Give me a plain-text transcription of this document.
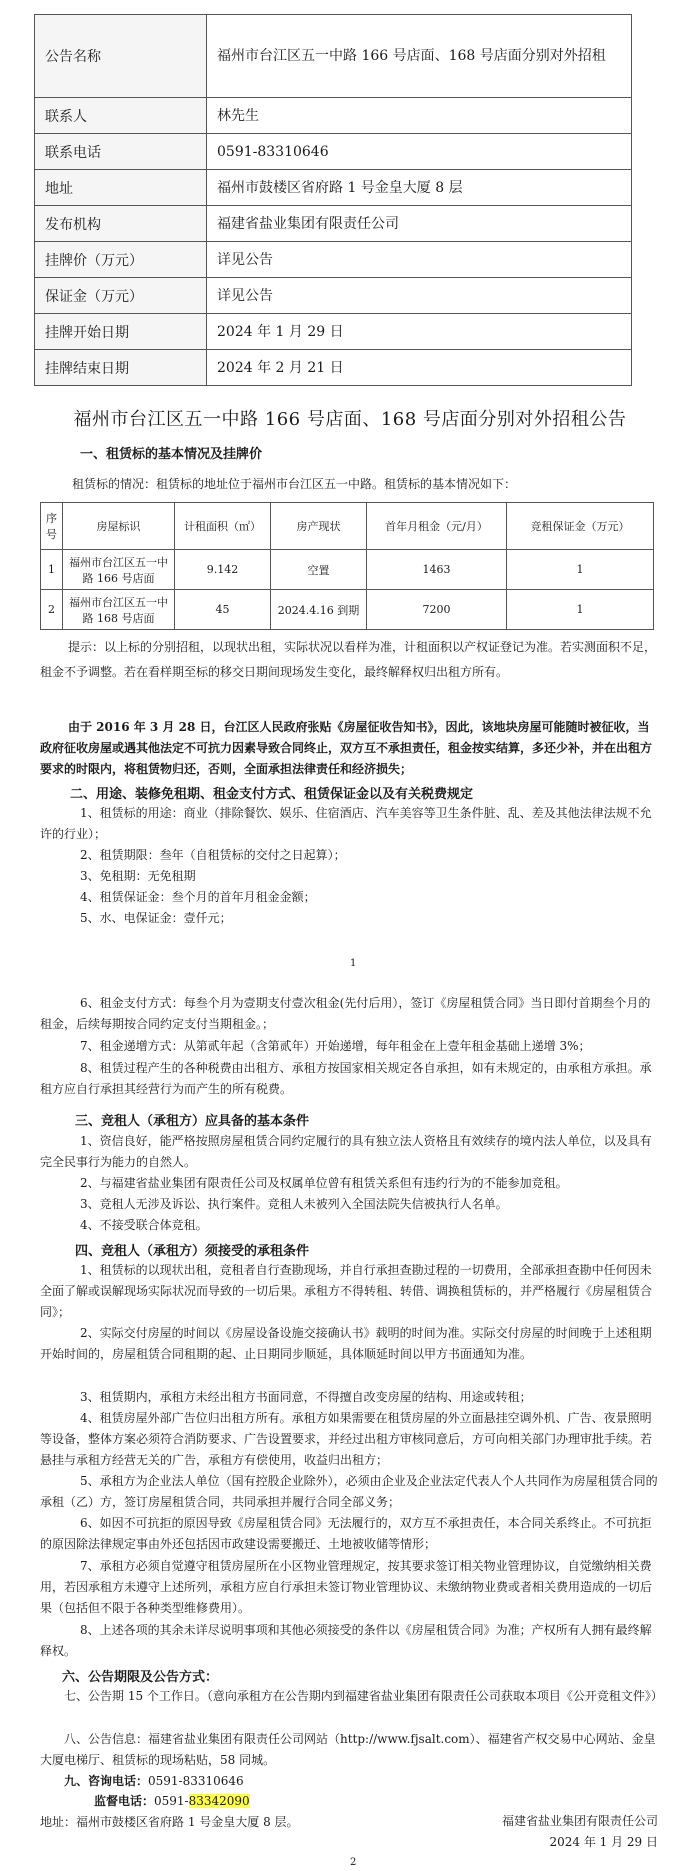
公告名称	福州市台江区五一中路 166 号店面、168 号店面分别对外招租
联系人	林先生
联系电话	0591-83310646
地址	福州市鼓楼区省府路 1 号金皇大厦 8 层
发布机构	福建省盐业集团有限责任公司
挂牌价（万元）	详见公告
保证金（万元）	详见公告
挂牌开始日期	2024 年 1 月 29 日
挂牌结束日期	2024 年 2 月 21 日
福州市台江区五一中路 166 号店面、168 号店面分别对外招租公告
一、租赁标的基本情况及挂牌价
租赁标的情况：租赁标的地址位于福州市台江区五一中路。租赁标的基本情况如下：
序号	房屋标识	计租面积（㎡）	房产现状	首年月租金（元/月）	竞租保证金（万元）
1	福州市台江区五一中路 166 号店面	9.142	空置	1463	1
2	福州市台江区五一中路 168 号店面	45	2024.4.16 到期	7200	1
提示：以上标的分别招租，以现状出租，实际状况以看样为准，计租面积以产权证登记为准。若实测面积不足，租金不予调整。若在看样期至标的移交日期间现场发生变化，最终解释权归出租方所有。
由于 2016 年 3 月 28 日，台江区人民政府张贴《房屋征收告知书》，因此，该地块房屋可能随时被征收，当政府征收房屋或遇其他法定不可抗力因素导致合同终止，双方互不承担责任，租金按实结算，多还少补，并在出租方要求的时限内，将租赁物归还，否则，全面承担法律责任和经济损失；
二、用途、装修免租期、租金支付方式、租赁保证金以及有关税费规定
1、租赁标的用途：商业（排除餐饮、娱乐、住宿酒店、汽车美容等卫生条件脏、乱、差及其他法律法规不允许的行业）；
2、租赁期限：叁年（自租赁标的交付之日起算）；
3、免租期：无免租期
4、租赁保证金：叁个月的首年月租金金额；
5、水、电保证金：壹仟元；
1
6、租金支付方式：每叁个月为壹期支付壹次租金(先付后用），签订《房屋租赁合同》当日即付首期叁个月的租金，后续每期按合同约定支付当期租金。；
7、租金递增方式：从第贰年起（含第贰年）开始递增，每年租金在上壹年租金基础上递增 3%；
8、租赁过程产生的各种税费由出租方、承租方按国家相关规定各自承担，如有未规定的，由承租方承担。承租方应自行承担其经营行为而产生的所有税费。
三、竞租人（承租方）应具备的基本条件
1、资信良好，能严格按照房屋租赁合同约定履行的具有独立法人资格且有效续存的境内法人单位，以及具有完全民事行为能力的自然人。
2、与福建省盐业集团有限责任公司及权属单位曾有租赁关系但有违约行为的不能参加竞租。
3、竞租人无涉及诉讼、执行案件。竞租人未被列入全国法院失信被执行人名单。
4、不接受联合体竞租。
四、竞租人（承租方）须接受的承租条件
1、租赁标的以现状出租，竞租者自行查勘现场，并自行承担查勘过程的一切费用，全部承担查勘中任何因未全面了解或误解现场实际状况而导致的一切后果。承租方不得转租、转借、调换租赁标的，并严格履行《房屋租赁合同》；
2、实际交付房屋的时间以《房屋设备设施交接确认书》载明的时间为准。实际交付房屋的时间晚于上述租期开始时间的，房屋租赁合同租期的起、止日期同步顺延，具体顺延时间以甲方书面通知为准。
3、租赁期内，承租方未经出租方书面同意，不得擅自改变房屋的结构、用途或转租；
4、租赁房屋外部广告位归出租方所有。承租方如果需要在租赁房屋的外立面悬挂空调外机、广告、夜景照明等设备，整体方案必须符合消防要求、广告设置要求，并经过出租方审核同意后，方可向相关部门办理审批手续。若悬挂与承租方经营无关的广告，承租方有偿使用，收益归出租方；
5、承租方为企业法人单位（国有控股企业除外），必须由企业及企业法定代表人个人共同作为房屋租赁合同的承租（乙）方，签订房屋租赁合同，共同承担并履行合同全部义务；
6、如因不可抗拒的原因导致《房屋租赁合同》无法履行的，双方互不承担责任，本合同关系终止。不可抗拒的原因除法律规定事由外还包括因市政建设需要搬迁、土地被收储等情形；
7、承租方必须自觉遵守租赁房屋所在小区物业管理规定，按其要求签订相关物业管理协议，自觉缴纳相关费用，若因承租方未遵守上述所列，承租方应自行承担未签订物业管理协议、未缴纳物业费或者相关费用造成的一切后果（包括但不限于各种类型维修费用）。
8、上述各项的其余未详尽说明事项和其他必须接受的条件以《房屋租赁合同》为准；产权所有人拥有最终解释权。
六、公告期限及公告方式：
七、公告期 15 个工作日。（意向承租方在公告期内到福建省盐业集团有限责任公司获取本项目《公开竞租文件》）
八、公告信息：福建省盐业集团有限责任公司网站（http://www.fjsalt.com）、福建省产权交易中心网站、金皇大厦电梯厅、租赁标的现场粘贴，58 同城。
九、咨询电话：0591-83310646
监督电话：0591-83342090
地址：福州市鼓楼区省府路 1 号金皇大厦 8 层。	福建省盐业集团有限责任公司
2024 年 1 月 29 日
2
